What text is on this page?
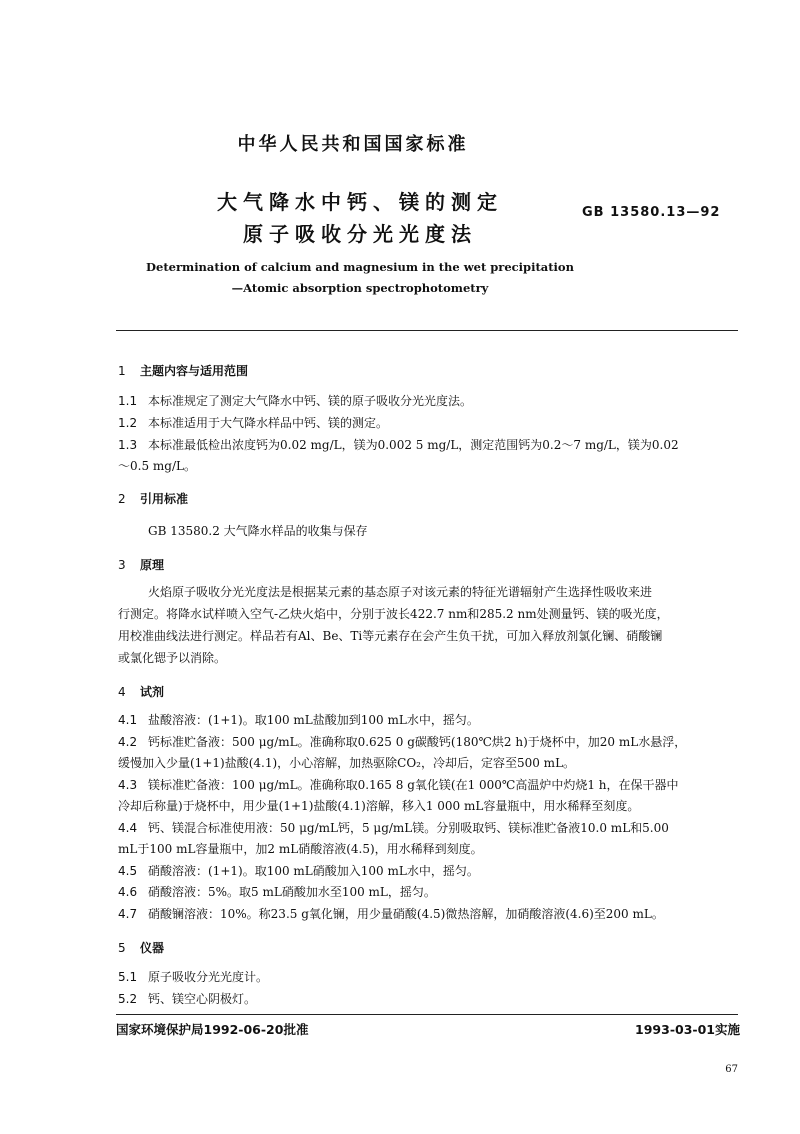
中华人民共和国国家标准
大气降水中钙、镁的测定
原子吸收分光光度法
GB 13580.13—92
Determination of calcium and magnesium in the wet precipitation
—Atomic absorption spectrophotometry
1 主题内容与适用范围
1.1 本标准规定了测定大气降水中钙、镁的原子吸收分光光度法。
1.2 本标准适用于大气降水样品中钙、镁的测定。
1.3 本标准最低检出浓度钙为0.02 mg/L，镁为0.002 5 mg/L，测定范围钙为0.2～7 mg/L，镁为0.02
～0.5 mg/L。
2 引用标准
GB 13580.2 大气降水样品的收集与保存
3 原理
火焰原子吸收分光光度法是根据某元素的基态原子对该元素的特征光谱辐射产生选择性吸收来进
行测定。将降水试样喷入空气-乙炔火焰中，分别于波长422.7 nm和285.2 nm处测量钙、镁的吸光度，
用校准曲线法进行测定。样品若有Al、Be、Ti等元素存在会产生负干扰，可加入释放剂氯化镧、硝酸镧
或氯化锶予以消除。
4 试剂
4.1 盐酸溶液：(1+1)。取100 mL盐酸加到100 mL水中，摇匀。
4.2 钙标准贮备液：500 μg/mL。准确称取0.625 0 g碳酸钙(180℃烘2 h)于烧杯中，加20 mL水悬浮，
缓慢加入少量(1+1)盐酸(4.1)，小心溶解，加热驱除CO₂，冷却后，定容至500 mL。
4.3 镁标准贮备液：100 μg/mL。准确称取0.165 8 g氧化镁(在1 000℃高温炉中灼烧1 h，在保干器中
冷却后称量)于烧杯中，用少量(1+1)盐酸(4.1)溶解，移入1 000 mL容量瓶中，用水稀释至刻度。
4.4 钙、镁混合标准使用液：50 μg/mL钙，5 μg/mL镁。分别吸取钙、镁标准贮备液10.0 mL和5.00
mL于100 mL容量瓶中，加2 mL硝酸溶液(4.5)，用水稀释到刻度。
4.5 硝酸溶液：(1+1)。取100 mL硝酸加入100 mL水中，摇匀。
4.6 硝酸溶液：5%。取5 mL硝酸加水至100 mL，摇匀。
4.7 硝酸镧溶液：10%。称23.5 g氧化镧，用少量硝酸(4.5)微热溶解，加硝酸溶液(4.6)至200 mL。
5 仪器
5.1 原子吸收分光光度计。
5.2 钙、镁空心阴极灯。
国家环境保护局1992-06-20批准	1993-03-01实施
67
